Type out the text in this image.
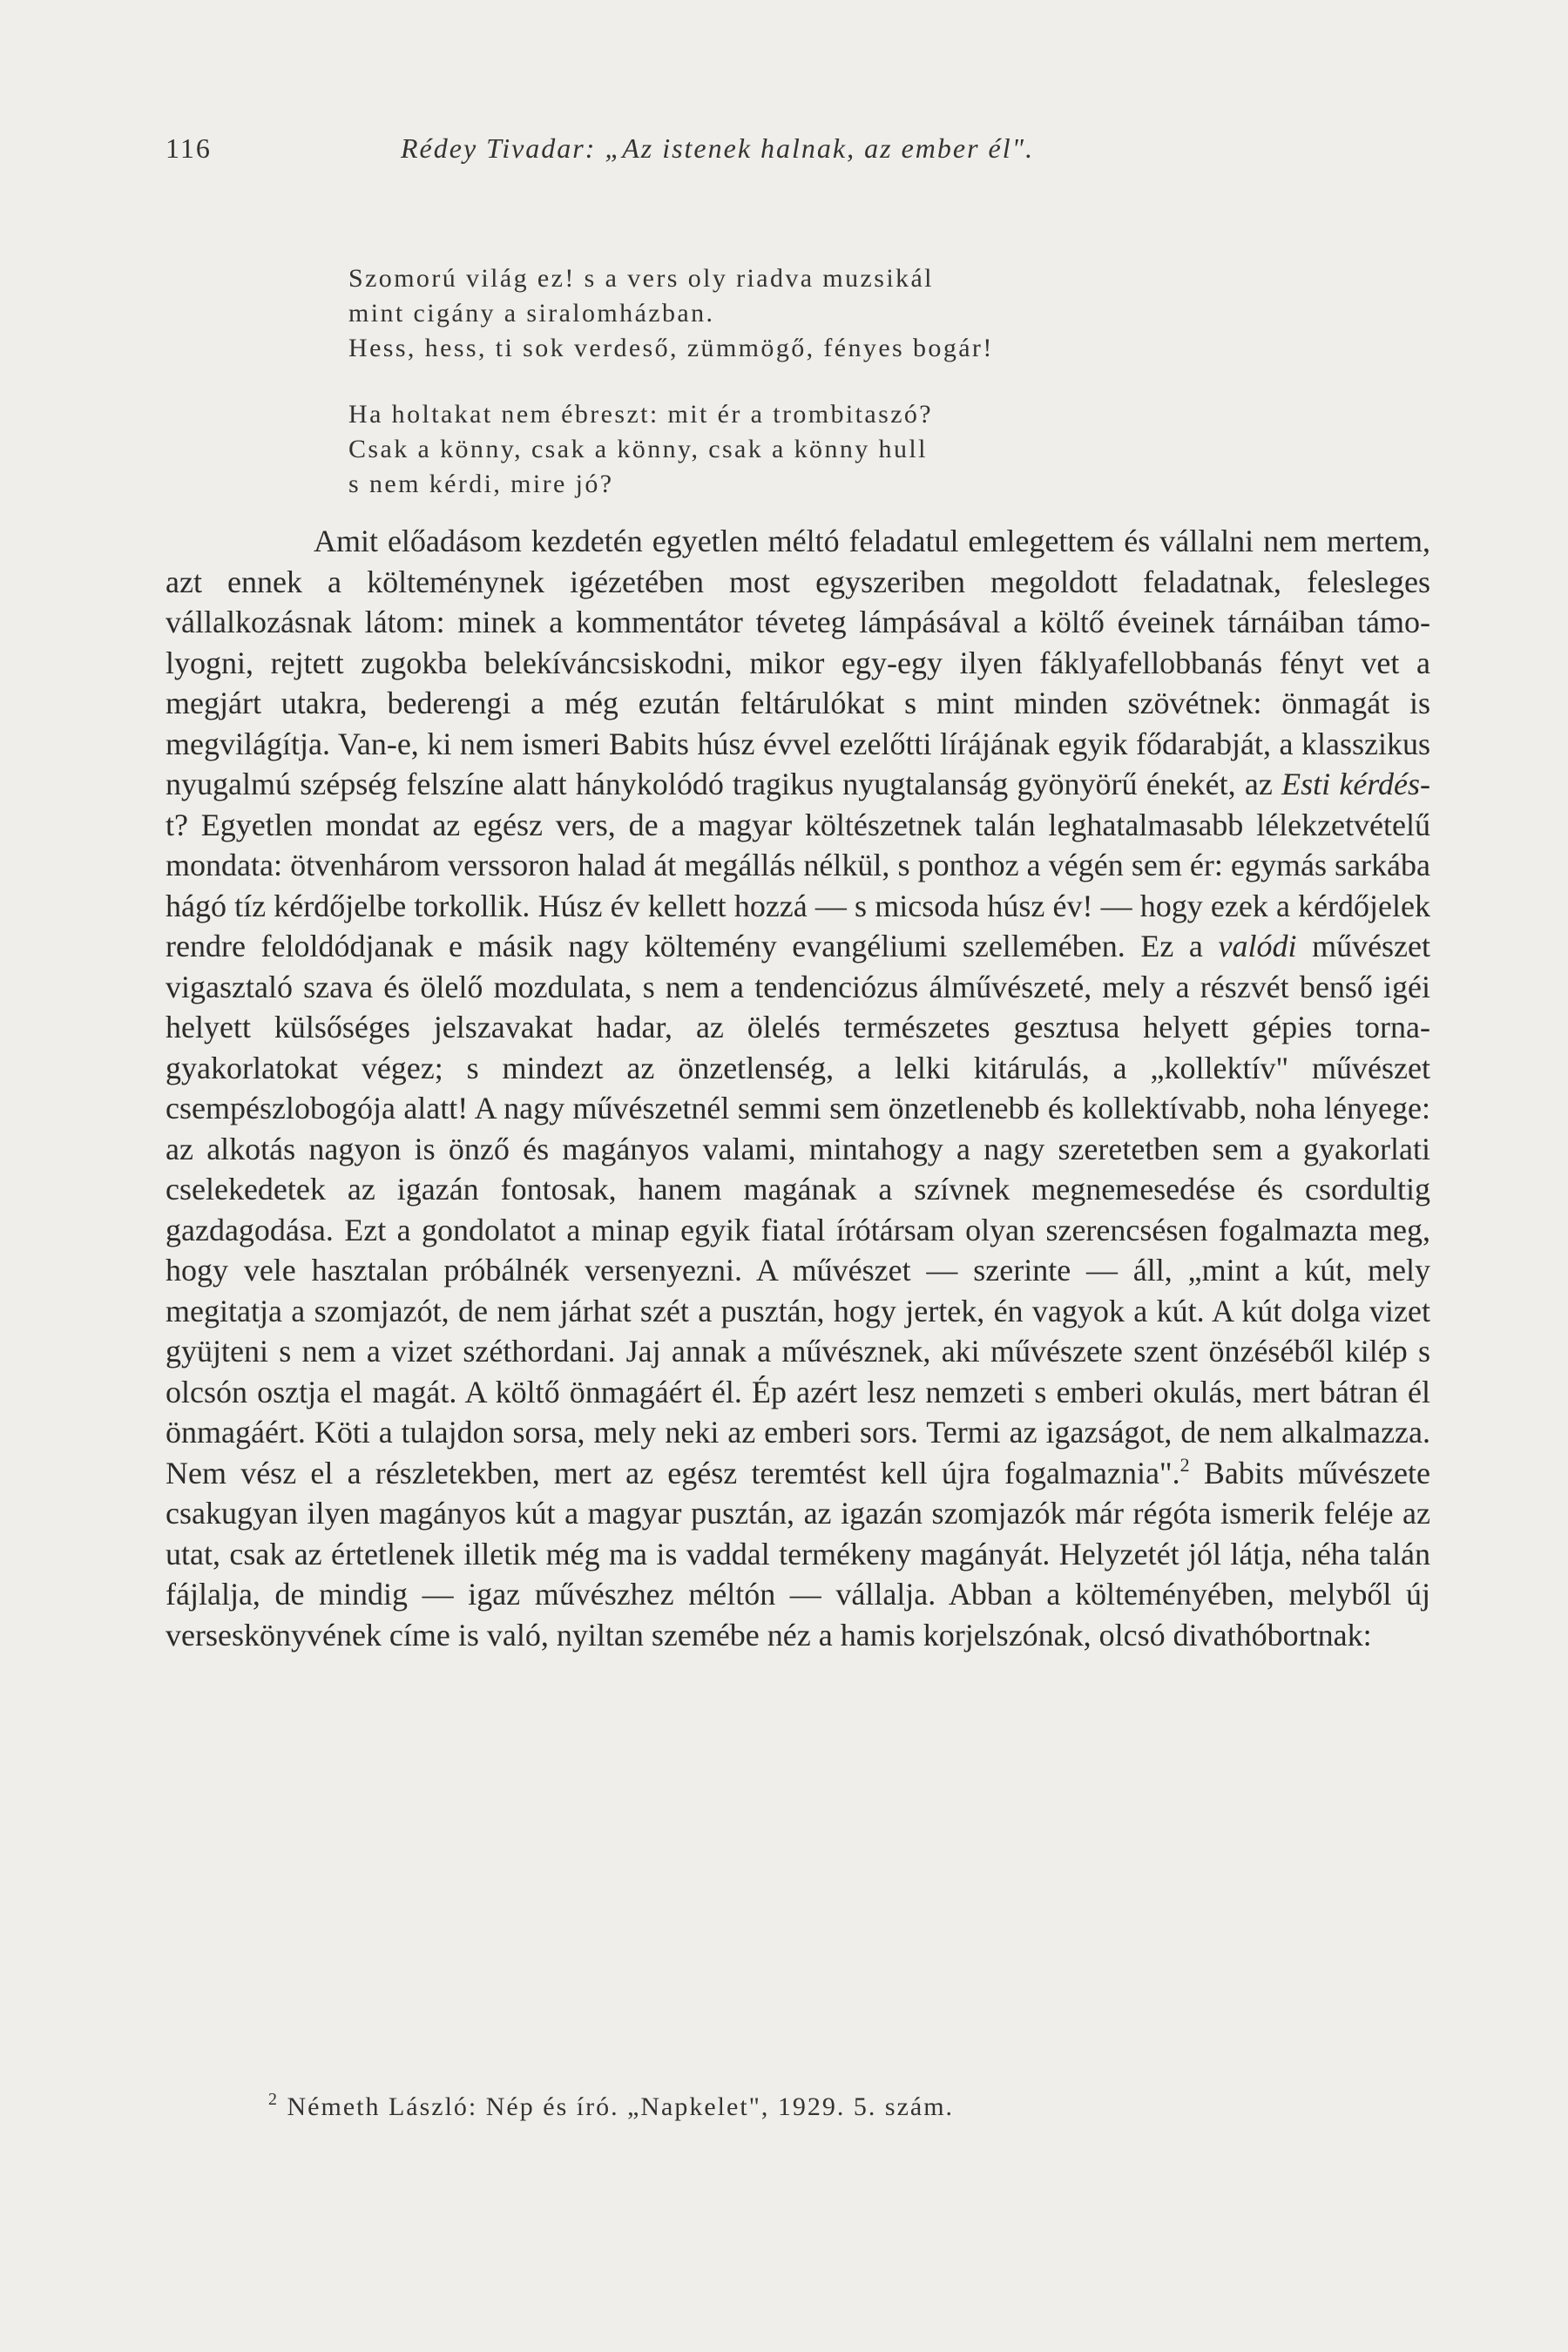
116	Rédey Tivadar: „Az istenek halnak, az ember él".
Szomorú világ ez! s a vers oly riadva muzsikál
mint cigány a siralomházban.
Hess, hess, ti sok verdeső, zümmögő, fényes bogár!
Ha holtakat nem ébreszt: mit ér a trombitaszó?
Csak a könny, csak a könny, csak a könny hull
s nem kérdi, mire jó?

Amit előadásom kezdetén egyetlen méltó feladatul emlegettem és vállalni nem mertem, azt ennek a költeménynek igézetében most egyszeriben megoldott feladatnak, felesleges vállalkozásnak látom: minek a kommentátor téveteg lámpásával a költő éveinek tárnáiban támolyogni, rejtett zugokba belekíváncsiskodni, mikor egy-egy ilyen fáklyafellobbanás fényt vet a megjárt utakra, bederengi a még ezután feltárulókat s mint minden szövétnek: önmagát is megvilágítja. Van-e, ki nem ismeri Babits húsz évvel ezelőtti lírájának egyik fődarabját, a klasszikus nyugalmú szépség felszíne alatt hánykolódó tragikus nyugtalanság gyönyörű énekét, az Esti kérdés-t? Egyetlen mondat az egész vers, de a magyar költészetnek talán leghatalmasabb lélekzetvételű mondata: ötvenhárom verssoron halad át megállás nélkül, s ponthoz a végén sem ér: egymás sarkába hágó tíz kérdőjelbe torkollik. Húsz év kellett hozzá — s micsoda húsz év! — hogy ezek a kérdőjelek rendre feloldódjanak e másik nagy költemény evangéliumi szellemében. Ez a valódi művészet vigasztaló szava és ölelő mozdulata, s nem a tendenciózus álművészeté, mely a részvét benső igéi helyett külsőséges jelszavakat hadar, az ölelés természetes gesztusa helyett gépies tornagyakorlatokat végez; s mindezt az önzetlenség, a lelki kitárulás, a „kollektív" művészet csempészlobogója alatt! A nagy művészetnél semmi sem önzetlenebb és kollektívabb, noha lényege: az alkotás nagyon is önző és magányos valami, mintahogy a nagy szeretetben sem a gyakorlati cselekedetek az igazán fontosak, hanem magának a szívnek megnemesedése és csordultig gazdagodása. Ezt a gondolatot a minap egyik fiatal írótársam olyan szerencsésen fogalmazta meg, hogy vele hasztalan próbálnék versenyezni. A művészet — szerinte — áll, „mint a kút, mely megitatja a szomjazót, de nem járhat szét a pusztán, hogy jertek, én vagyok a kút. A kút dolga vizet gyüjteni s nem a vizet széthordani. Jaj annak a művésznek, aki művészete szent önzéséből kilép s olcsón osztja el magát. A költő önmagáért él. Ép azért lesz nemzeti s emberi okulás, mert bátran él önmagáért. Köti a tulajdon sorsa, mely neki az emberi sors. Termi az igazságot, de nem alkalmazza. Nem vész el a részletekben, mert az egész teremtést kell újra fogalmaznia".$^2$ Babits művészete csakugyan ilyen magányos kút a magyar pusztán, az igazán szomjazók már régóta ismerik feléje az utat, csak az értetlenek illetik még ma is vaddal termékeny magányát. Helyzetét jól látja, néha talán fájlalja, de mindig — igaz művészhez méltón — vállalja. Abban a költeményében, melyből új verseskönyvének címe is való, nyiltan szemébe néz a hamis korjelszónak, olcsó divathóbortnak:

$^2$ Németh László: Nép és író. „Napkelet", 1929. 5. szám.
